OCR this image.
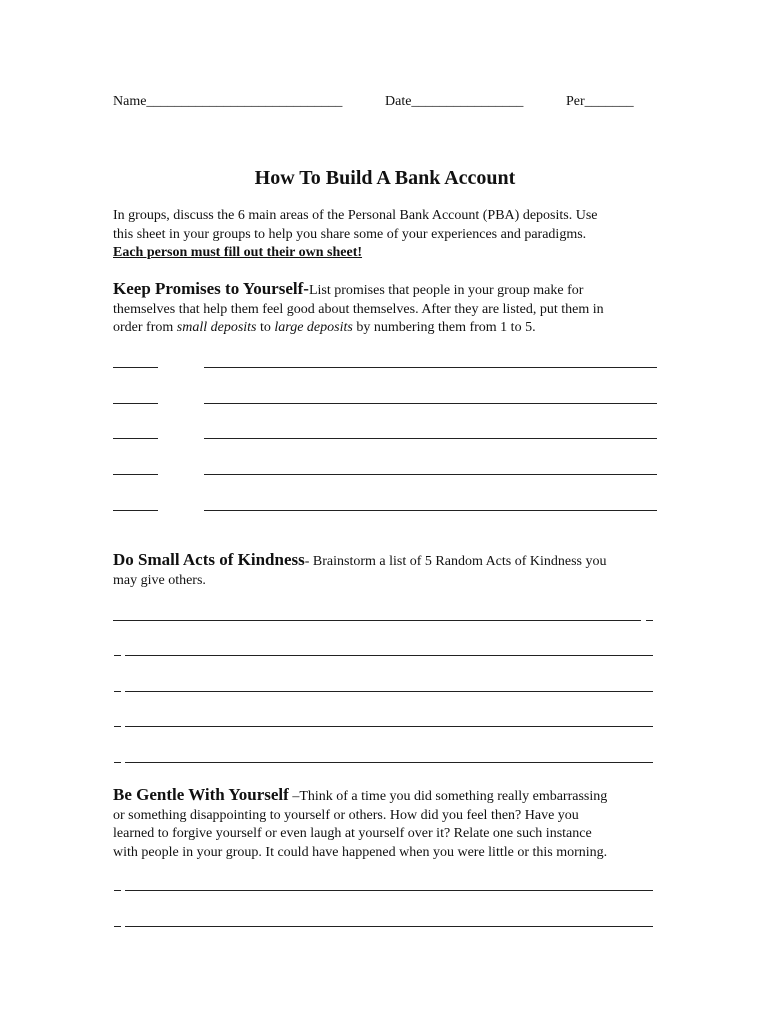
Name____________________________	Date________________	Per_______
How To Build A Bank Account

In groups, discuss the 6 main areas of the Personal Bank Account (PBA) deposits. Use

this sheet in your groups to help you share some of your experiences and paradigms.

Each person must fill out their own sheet!

Keep Promises to Yourself-List promises that people in your group make for

themselves that help them feel good about themselves. After they are listed, put them in

order from small deposits to large deposits by numbering them from 1 to 5.

Do Small Acts of Kindness- Brainstorm a list of 5 Random Acts of Kindness you

may give others.

Be Gentle With Yourself –Think of a time you did something really embarrassing

or something disappointing to yourself or others. How did you feel then? Have you

learned to forgive yourself or even laugh at yourself over it? Relate one such instance

with people in your group. It could have happened when you were little or this morning.
